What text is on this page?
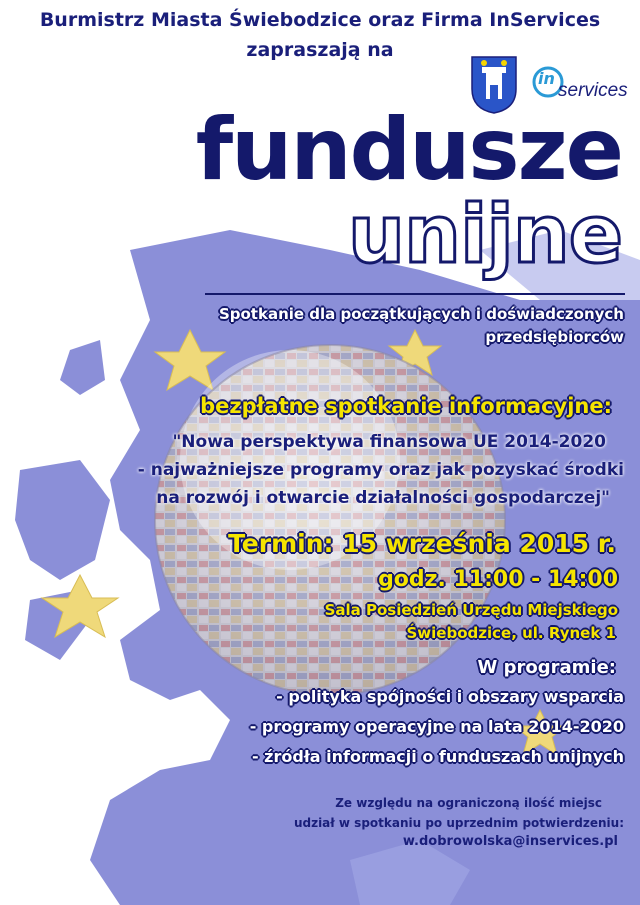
Burmistrz Miasta Świebodzice oraz Firma InServices
zapraszają na
in
services
fundusze
unijne
Spotkanie dla początkujących i doświadczonych
przedsiębiorców
bezpłatne spotkanie informacyjne:
"Nowa perspektywa finansowa UE 2014-2020
- najważniejsze programy oraz jak pozyskać środki
na rozwój i otwarcie działalności gospodarczej"
Termin: 15 września 2015 r.
godz. 11:00 - 14:00
Sala Posiedzień Urzędu Miejskiego
Świebodzice, ul. Rynek 1
W programie:
- polityka spójności i obszary wsparcia
- programy operacyjne na lata 2014-2020
- źródła informacji o funduszach unijnych
Ze względu na ograniczoną ilość miejsc
udział w spotkaniu po uprzednim potwierdzeniu:
w.dobrowolska@inservices.pl
